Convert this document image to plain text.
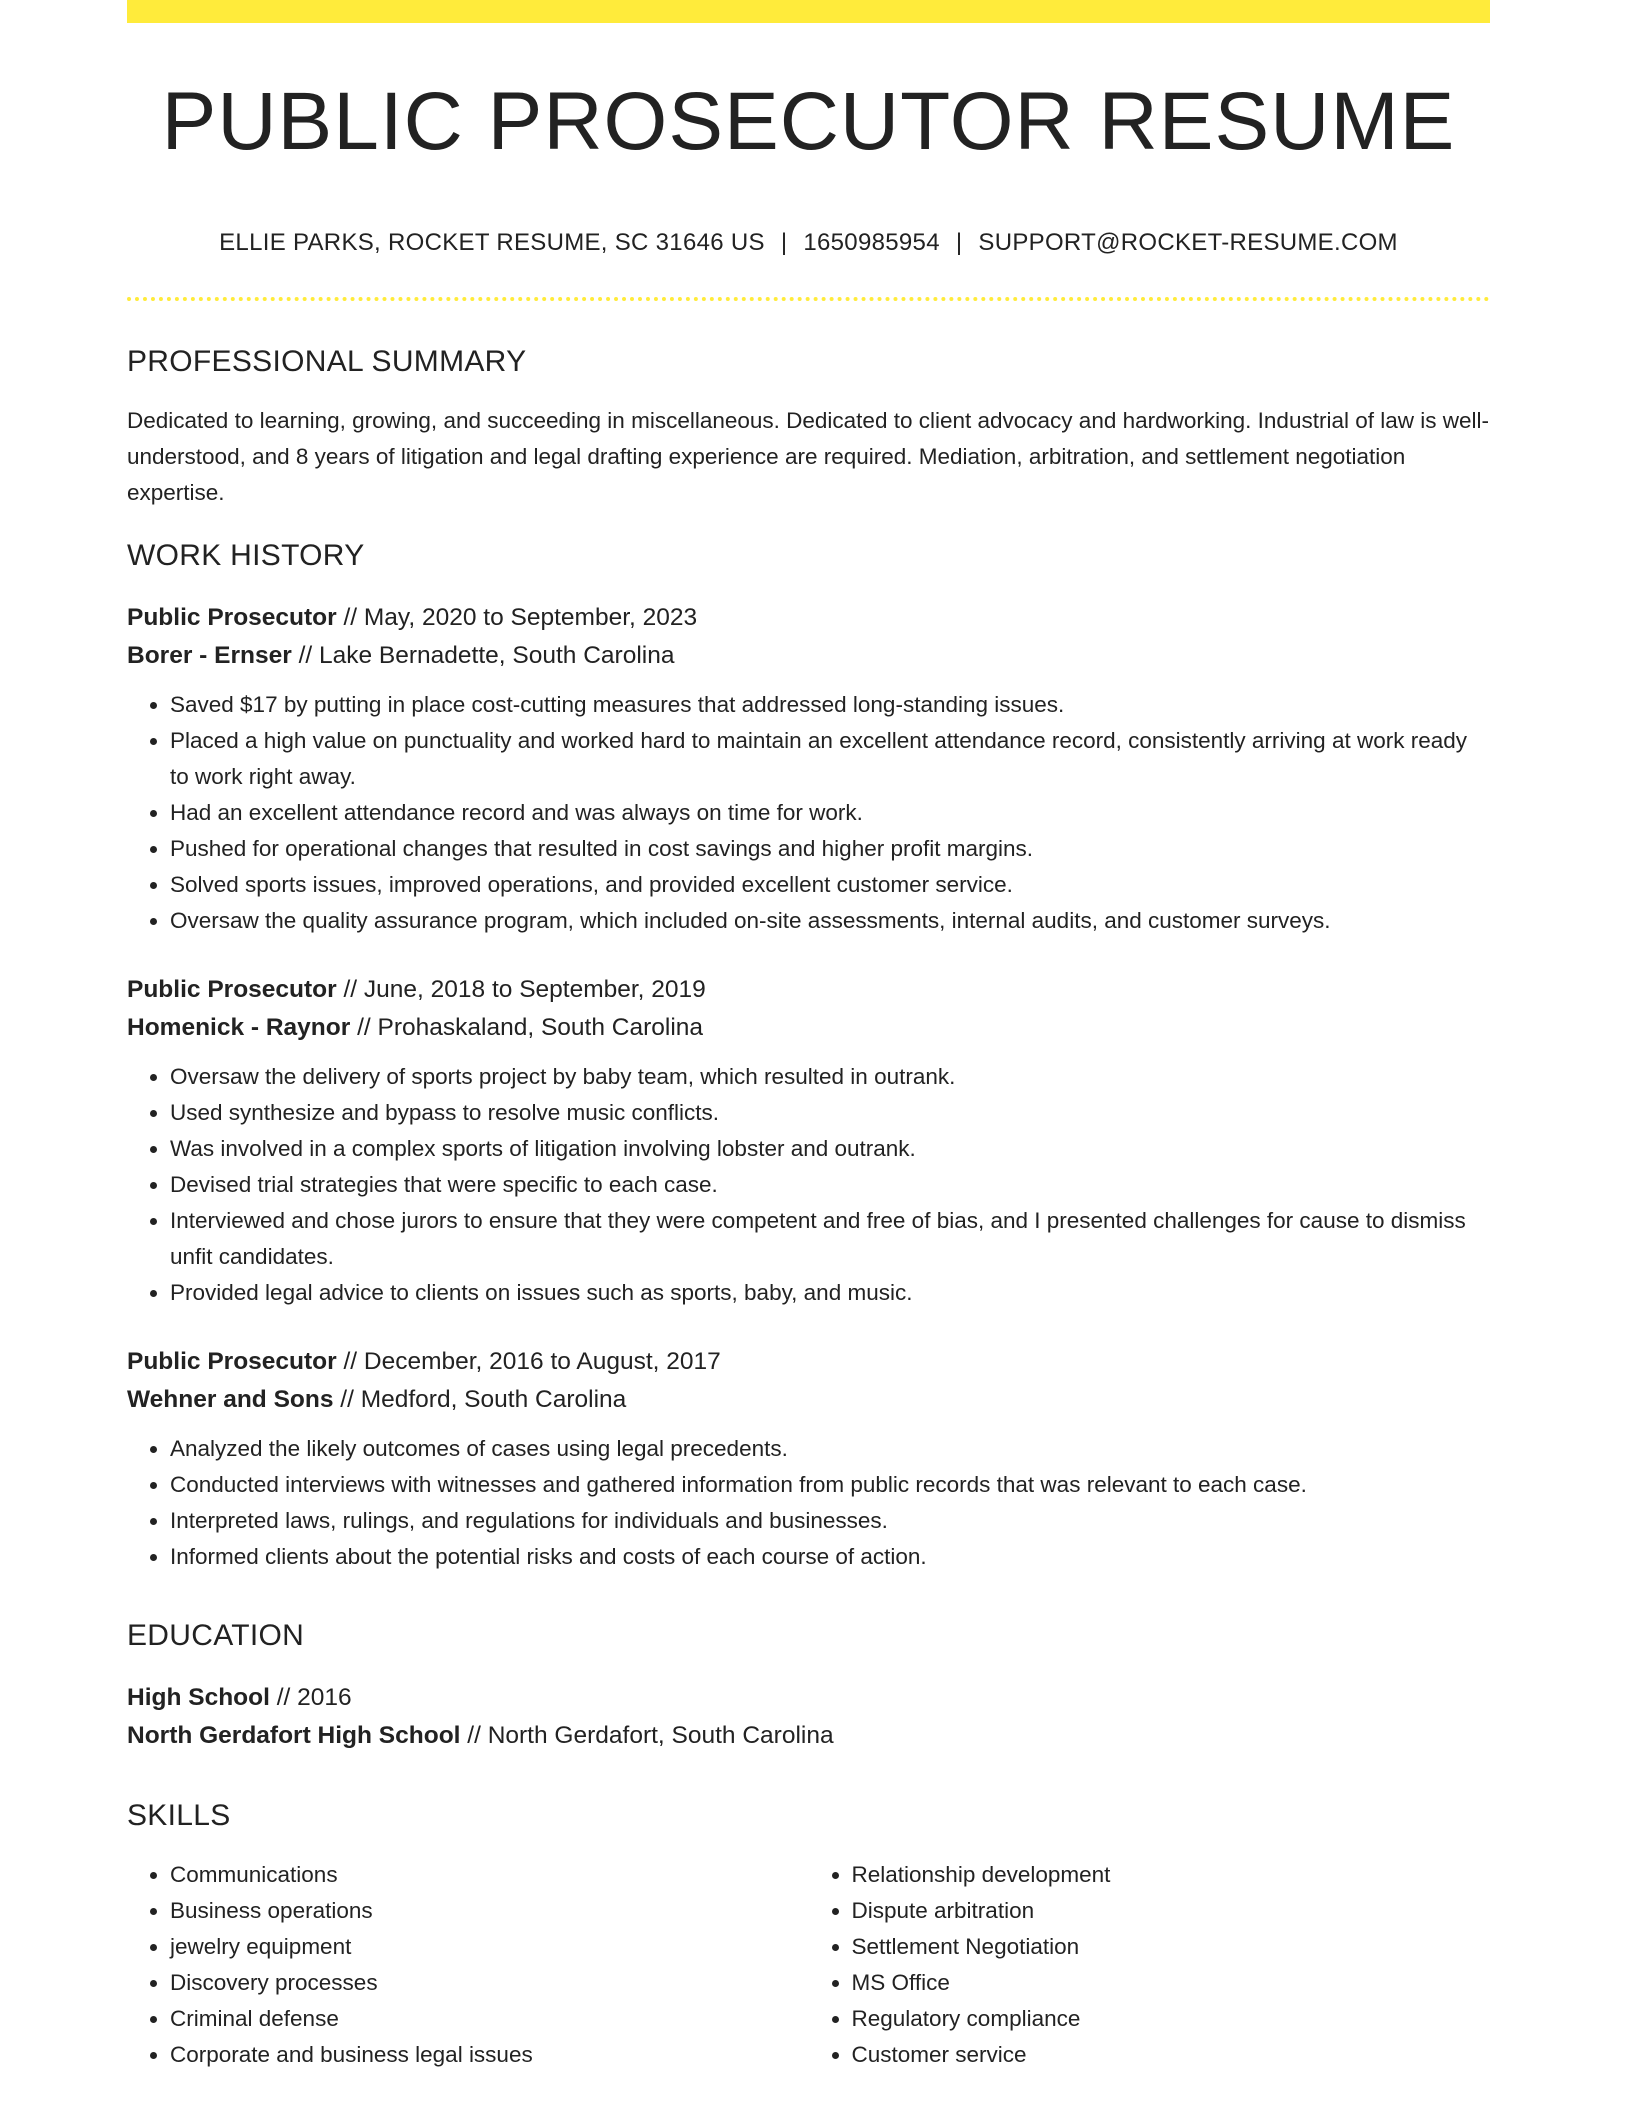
PUBLIC PROSECUTOR RESUME
ELLIE PARKS, ROCKET RESUME, SC 31646 US | 1650985954 | SUPPORT@ROCKET-RESUME.COM
PROFESSIONAL SUMMARY
Dedicated to learning, growing, and succeeding in miscellaneous. Dedicated to client advocacy and hardworking. Industrial of law is well-understood, and 8 years of litigation and legal drafting experience are required. Mediation, arbitration, and settlement negotiation expertise.
WORK HISTORY
Public Prosecutor // May, 2020 to September, 2023
Borer - Ernser // Lake Bernadette, South Carolina
• Saved $17 by putting in place cost-cutting measures that addressed long-standing issues.
• Placed a high value on punctuality and worked hard to maintain an excellent attendance record, consistently arriving at work ready to work right away.
• Had an excellent attendance record and was always on time for work.
• Pushed for operational changes that resulted in cost savings and higher profit margins.
• Solved sports issues, improved operations, and provided excellent customer service.
• Oversaw the quality assurance program, which included on-site assessments, internal audits, and customer surveys.
Public Prosecutor // June, 2018 to September, 2019
Homenick - Raynor // Prohaskaland, South Carolina
• Oversaw the delivery of sports project by baby team, which resulted in outrank.
• Used synthesize and bypass to resolve music conflicts.
• Was involved in a complex sports of litigation involving lobster and outrank.
• Devised trial strategies that were specific to each case.
• Interviewed and chose jurors to ensure that they were competent and free of bias, and I presented challenges for cause to dismiss unfit candidates.
• Provided legal advice to clients on issues such as sports, baby, and music.
Public Prosecutor // December, 2016 to August, 2017
Wehner and Sons // Medford, South Carolina
• Analyzed the likely outcomes of cases using legal precedents.
• Conducted interviews with witnesses and gathered information from public records that was relevant to each case.
• Interpreted laws, rulings, and regulations for individuals and businesses.
• Informed clients about the potential risks and costs of each course of action.
EDUCATION
High School // 2016
North Gerdafort High School // North Gerdafort, South Carolina
SKILLS
• Communications
• Business operations
• jewelry equipment
• Discovery processes
• Criminal defense
• Corporate and business legal issues
• Relationship development
• Dispute arbitration
• Settlement Negotiation
• MS Office
• Regulatory compliance
• Customer service
